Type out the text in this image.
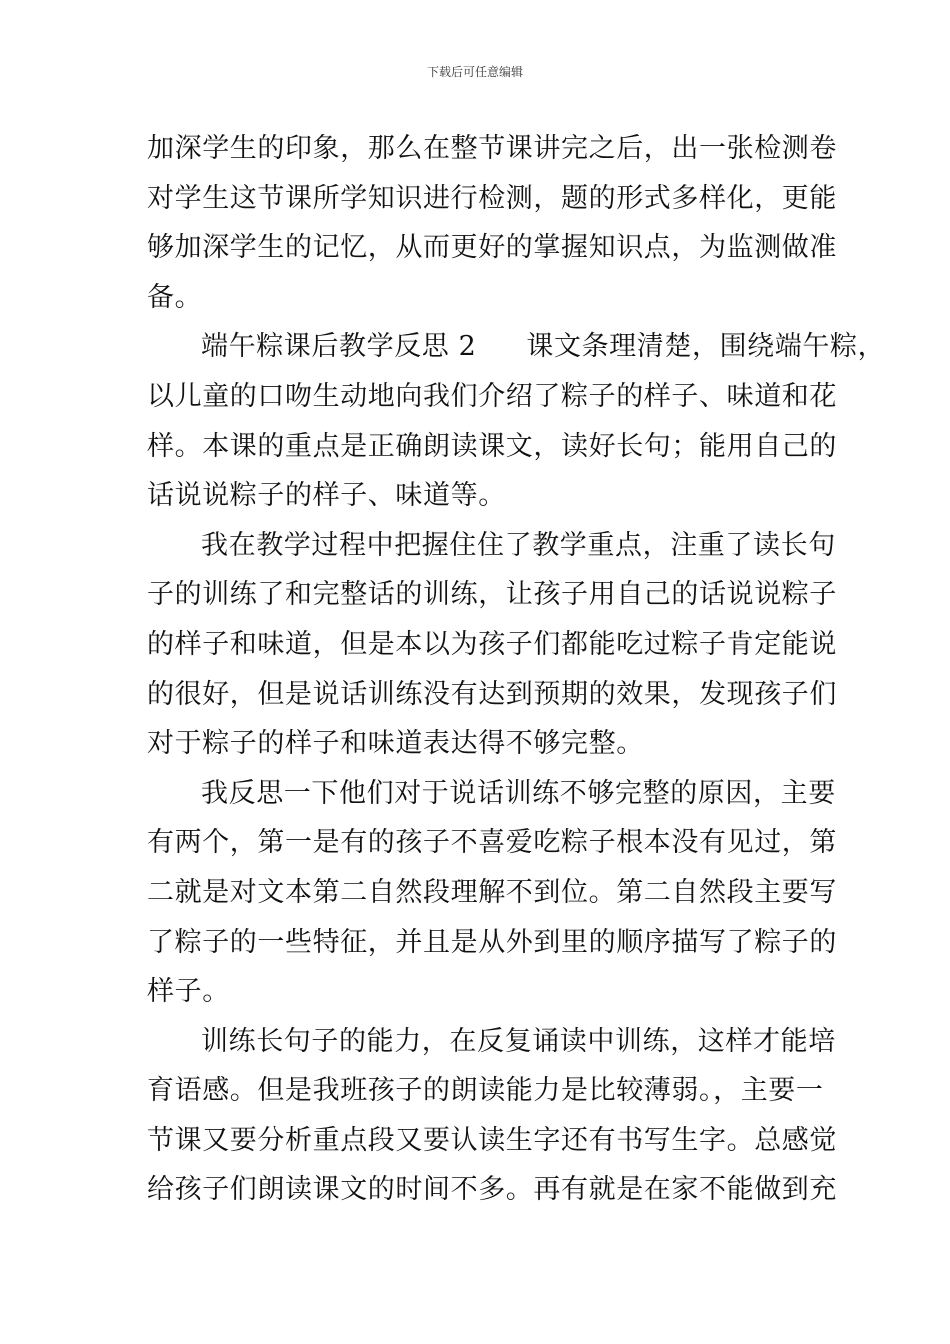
下载后可任意编辑
加深学生的印象，那么在整节课讲完之后，出一张检测卷
对学生这节课所学知识进行检测，题的形式多样化，更能
够加深学生的记忆，从而更好的掌握知识点，为监测做准
备。
端午粽课后教学反思 2 课文条理清楚，围绕端午粽，
以儿童的口吻生动地向我们介绍了粽子的样子、味道和花
样。本课的重点是正确朗读课文，读好长句；能用自己的
话说说粽子的样子、味道等。
我在教学过程中把握住住了教学重点，注重了读长句
子的训练了和完整话的训练，让孩子用自己的话说说粽子
的样子和味道，但是本以为孩子们都能吃过粽子肯定能说
的很好，但是说话训练没有达到预期的效果，发现孩子们
对于粽子的样子和味道表达得不够完整。
我反思一下他们对于说话训练不够完整的原因，主要
有两个，第一是有的孩子不喜爱吃粽子根本没有见过，第
二就是对文本第二自然段理解不到位。第二自然段主要写
了粽子的一些特征，并且是从外到里的顺序描写了粽子的
样子。
训练长句子的能力，在反复诵读中训练，这样才能培
育语感。但是我班孩子的朗读能力是比较薄弱。，主要一
节课又要分析重点段又要认读生字还有书写生字。总感觉
给孩子们朗读课文的时间不多。再有就是在家不能做到充
